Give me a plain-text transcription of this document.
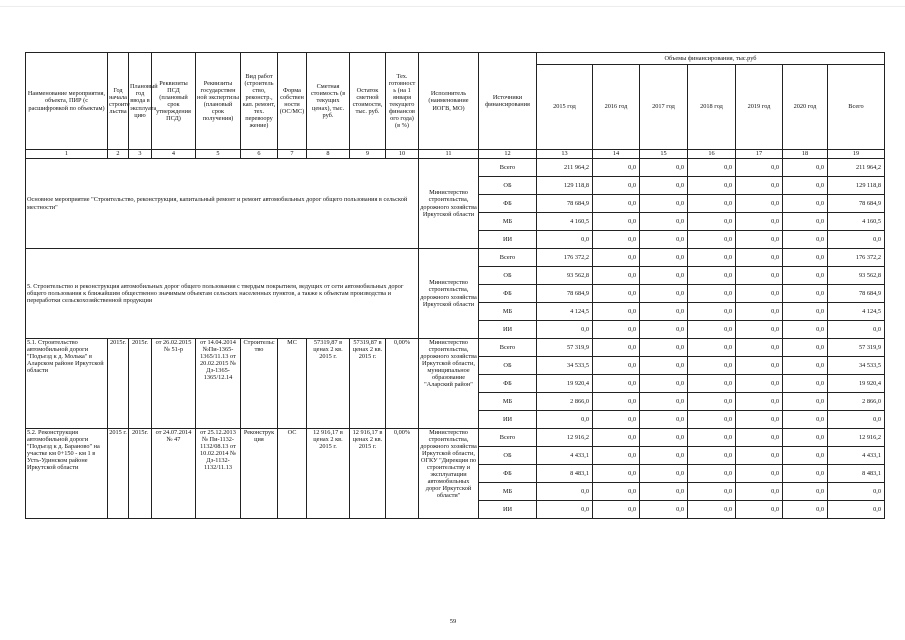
Наименование мероприятия, объекта, ПИР (с расшифровкой по объектам)	Год начала строите льства	Плановый год ввода в эксплуата цию	Реквизиты ПСД (плановый срок утверждения ПСД)	Реквизиты государствен ной экспертизы (плановый срок получения)	Вид работ (строитель ство, реконстр., кап. ремонт, тех. перевоору жение)	Форма собствен ности (ОС/МС)	Сметная стоимость (в текущих ценах), тыс. руб.	Остаток сметной стоимости, тыс. руб.	Тех. готовност ь (на 1 января текущего финансов ого года) (в %)	Исполнитель (наименование ИОГВ, МО)	Источники финансирования	Объемы финансирования, тыс.руб						
												2015 год	2016 год	2017 год	2018 год	2019 год	2020 год	Всего
1	2	3	4	5	6	7	8	9	10	11	12	13	14	15	16	17	18	19
Основное мероприятие "Строительство, реконструкция, капитальный ремонт и ремонт автомобильных дорог общего пользования в сельской местности"										Министерство строительства, дорожного хозяйства Иркутской области	Всего	211 964,2	0,0	0,0	0,0	0,0	0,0	211 964,2
											ОБ	129 118,8	0,0	0,0	0,0	0,0	0,0	129 118,8
											ФБ	78 684,9	0,0	0,0	0,0	0,0	0,0	78 684,9
											МБ	4 160,5	0,0	0,0	0,0	0,0	0,0	4 160,5
											ИИ	0,0	0,0	0,0	0,0	0,0	0,0	0,0
5. Строительство и реконструкция автомобильных дорог общего пользования с твердым покрытием, ведущих от сети автомобильных дорог общего пользования к ближайшим общественно значимым объектам сельских населенных пунктов, а также к объектам производства и переработки сельскохозяйственной продукции										Министерство строительства, дорожного хозяйства Иркутской области	Всего	176 372,2	0,0	0,0	0,0	0,0	0,0	176 372,2
											ОБ	93 562,8	0,0	0,0	0,0	0,0	0,0	93 562,8
											ФБ	78 684,9	0,0	0,0	0,0	0,0	0,0	78 684,9
											МБ	4 124,5	0,0	0,0	0,0	0,0	0,0	4 124,5
											ИИ	0,0	0,0	0,0	0,0	0,0	0,0	0,0
5.1. Строительство автомобильной дороги "Подъезд к д. Молька" в Аларском районе Иркутской области	2015г.	2015г.	от 26.02.2015 № 51-р	от 14.04.2014 №Пи-1365-1365/11.13 от 20.02.2015 № Дз-1365-1365/12.14	Строительс тво	МС	57319,87 в ценах 2 кв. 2015 г.	57319,87 в ценах 2 кв. 2015 г.	0,00%	Министерство строительства, дорожного хозяйства Иркутской области, муниципальное образование "Аларский район"	Всего	57 319,9	0,0	0,0	0,0	0,0	0,0	57 319,9
											ОБ	34 533,5	0,0	0,0	0,0	0,0	0,0	34 533,5
											ФБ	19 920,4	0,0	0,0	0,0	0,0	0,0	19 920,4
											МБ	2 866,0	0,0	0,0	0,0	0,0	0,0	2 866,0
											ИИ	0,0	0,0	0,0	0,0	0,0	0,0	0,0
5.2. Реконструкция автомобильной дороги "Подъезд к д. Бараново" на участке км 0+150 - км 1 в Усть-Удинском районе Иркутской области	2015 г.	2015г.	от 24.07.2014 № 47	от 25.12.2013 № Пи-1132-1132/08.13 от 10.02.2014 № Дз-1132-1132/11.13	Реконструк ция	ОС	12 916,17 в ценах 2 кв. 2015 г.	12 916,17 в ценах 2 кв. 2015 г.	0,00%	Министерство строительства, дорожного хозяйства Иркутской области, ОГКУ "Дирекция по строительству и эксплуатации автомобильных дорог Иркутской области"	Всего	12 916,2	0,0	0,0	0,0	0,0	0,0	12 916,2
											ОБ	4 433,1	0,0	0,0	0,0	0,0	0,0	4 433,1
											ФБ	8 483,1	0,0	0,0	0,0	0,0	0,0	8 483,1
											МБ	0,0	0,0	0,0	0,0	0,0	0,0	0,0
											ИИ	0,0	0,0	0,0	0,0	0,0	0,0	0,0
59
